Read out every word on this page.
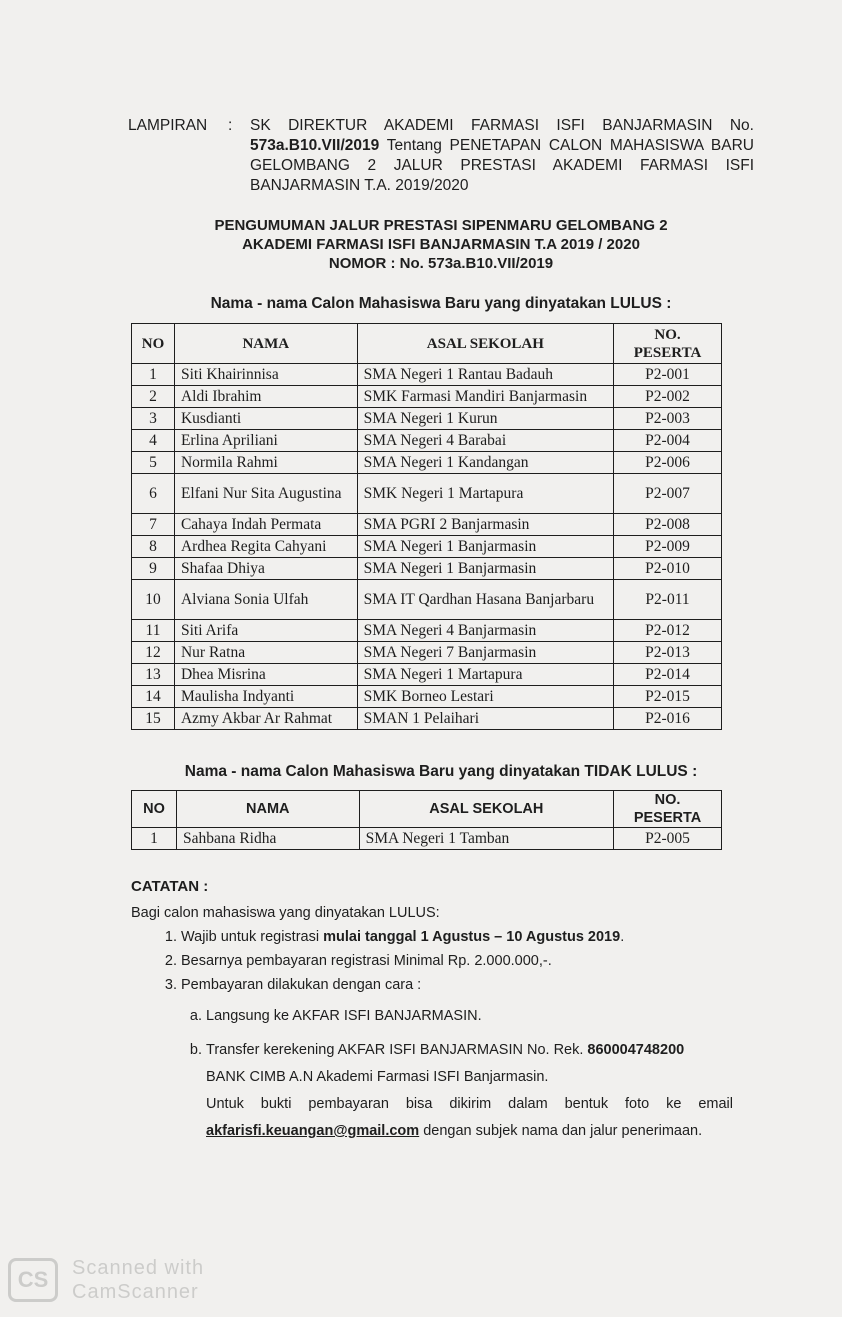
LAMPIRAN	:	SK DIREKTUR AKADEMI FARMASI ISFI BANJARMASIN No. 573a.B10.VII/2019 Tentang PENETAPAN CALON MAHASISWA BARU GELOMBANG 2 JALUR PRESTASI AKADEMI FARMASI ISFI BANJARMASIN T.A. 2019/2020
PENGUMUMAN JALUR PRESTASI SIPENMARU GELOMBANG 2
AKADEMI FARMASI ISFI BANJARMASIN T.A 2019 / 2020
NOMOR : No. 573a.B10.VII/2019
Nama - nama Calon Mahasiswa Baru yang dinyatakan LULUS :
NO	NAMA	ASAL SEKOLAH	NO. PESERTA
1	Siti Khairinnisa	SMA Negeri 1 Rantau Badauh	P2-001
2	Aldi Ibrahim	SMK Farmasi Mandiri Banjarmasin	P2-002
3	Kusdianti	SMA Negeri 1 Kurun	P2-003
4	Erlina Apriliani	SMA Negeri 4 Barabai	P2-004
5	Normila Rahmi	SMA Negeri 1 Kandangan	P2-006
6	Elfani Nur Sita Augustina	SMK Negeri 1 Martapura	P2-007
7	Cahaya Indah Permata	SMA PGRI 2 Banjarmasin	P2-008
8	Ardhea Regita Cahyani	SMA Negeri 1 Banjarmasin	P2-009
9	Shafaa Dhiya	SMA Negeri 1 Banjarmasin	P2-010
10	Alviana Sonia Ulfah	SMA IT Qardhan Hasana Banjarbaru	P2-011
11	Siti Arifa	SMA Negeri 4 Banjarmasin	P2-012
12	Nur Ratna	SMA Negeri 7 Banjarmasin	P2-013
13	Dhea Misrina	SMA Negeri 1 Martapura	P2-014
14	Maulisha Indyanti	SMK Borneo Lestari	P2-015
15	Azmy Akbar Ar Rahmat	SMAN 1 Pelaihari	P2-016
Nama - nama Calon Mahasiswa Baru yang dinyatakan TIDAK LULUS :
NO	NAMA	ASAL SEKOLAH	NO. PESERTA
1	Sahbana Ridha	SMA Negeri 1 Tamban	P2-005
CATATAN :
Bagi calon mahasiswa yang dinyatakan LULUS:
1. Wajib untuk registrasi mulai tanggal 1 Agustus – 10 Agustus 2019.
2. Besarnya pembayaran registrasi Minimal Rp. 2.000.000,-.
3. Pembayaran dilakukan dengan cara :
a. Langsung ke AKFAR ISFI BANJARMASIN.
b. Transfer kerekening AKFAR ISFI BANJARMASIN No. Rek. 860004748200
BANK CIMB A.N Akademi Farmasi ISFI Banjarmasin.

Untuk bukti pembayaran bisa dikirim dalam bentuk foto ke email akfarisfi.keuangan@gmail.com dengan subjek nama dan jalur penerimaan.
CS	Scanned with
CamScanner
